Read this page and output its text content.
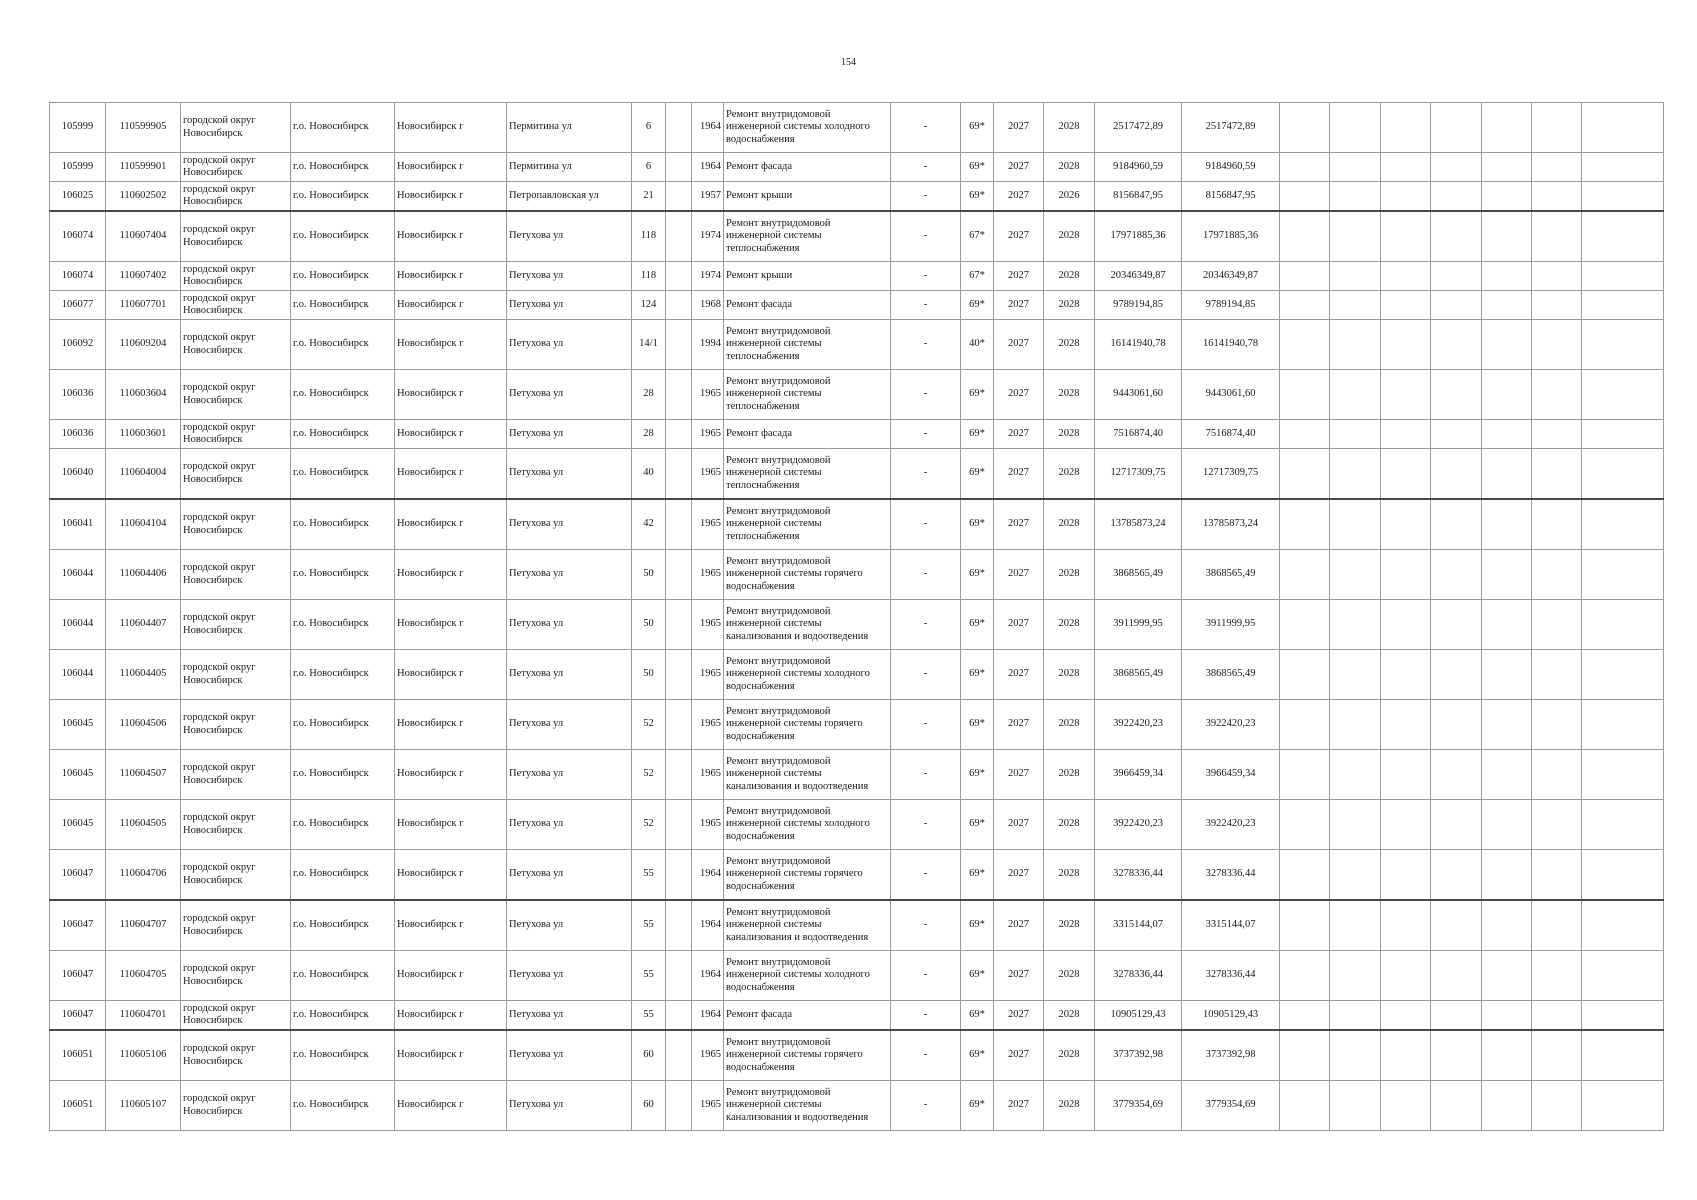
154
105999	110599905	городской округ Новосибирск	г.о. Новосибирск	Новосибирск г	Пермитина ул	6		1964	Ремонт внутридомовой инженерной системы холодного водоснабжения	-	69*	2027	2028	2517472,89	2517472,89							
105999	110599901	городской округ Новосибирск	г.о. Новосибирск	Новосибирск г	Пермитина ул	6		1964	Ремонт фасада	-	69*	2027	2028	9184960,59	9184960,59							
106025	110602502	городской округ Новосибирск	г.о. Новосибирск	Новосибирск г	Петропавловская ул	21		1957	Ремонт крыши	-	69*	2027	2026	8156847,95	8156847,95							
106074	110607404	городской округ Новосибирск	г.о. Новосибирск	Новосибирск г	Петухова ул	118		1974	Ремонт внутридомовой инженерной системы теплоснабжения	-	67*	2027	2028	17971885,36	17971885,36							
106074	110607402	городской округ Новосибирск	г.о. Новосибирск	Новосибирск г	Петухова ул	118		1974	Ремонт крыши	-	67*	2027	2028	20346349,87	20346349,87							
106077	110607701	городской округ Новосибирск	г.о. Новосибирск	Новосибирск г	Петухова ул	124		1968	Ремонт фасада	-	69*	2027	2028	9789194,85	9789194,85							
106092	110609204	городской округ Новосибирск	г.о. Новосибирск	Новосибирск г	Петухова ул	14/1		1994	Ремонт внутридомовой инженерной системы теплоснабжения	-	40*	2027	2028	16141940,78	16141940,78							
106036	110603604	городской округ Новосибирск	г.о. Новосибирск	Новосибирск г	Петухова ул	28		1965	Ремонт внутридомовой инженерной системы теплоснабжения	-	69*	2027	2028	9443061,60	9443061,60							
106036	110603601	городской округ Новосибирск	г.о. Новосибирск	Новосибирск г	Петухова ул	28		1965	Ремонт фасада	-	69*	2027	2028	7516874,40	7516874,40							
106040	110604004	городской округ Новосибирск	г.о. Новосибирск	Новосибирск г	Петухова ул	40		1965	Ремонт внутридомовой инженерной системы теплоснабжения	-	69*	2027	2028	12717309,75	12717309,75							
106041	110604104	городской округ Новосибирск	г.о. Новосибирск	Новосибирск г	Петухова ул	42		1965	Ремонт внутридомовой инженерной системы теплоснабжения	-	69*	2027	2028	13785873,24	13785873,24							
106044	110604406	городской округ Новосибирск	г.о. Новосибирск	Новосибирск г	Петухова ул	50		1965	Ремонт внутридомовой инженерной системы горячего водоснабжения	-	69*	2027	2028	3868565,49	3868565,49							
106044	110604407	городской округ Новосибирск	г.о. Новосибирск	Новосибирск г	Петухова ул	50		1965	Ремонт внутридомовой инженерной системы канализования и водоотведения	-	69*	2027	2028	3911999,95	3911999,95							
106044	110604405	городской округ Новосибирск	г.о. Новосибирск	Новосибирск г	Петухова ул	50		1965	Ремонт внутридомовой инженерной системы холодного водоснабжения	-	69*	2027	2028	3868565,49	3868565,49							
106045	110604506	городской округ Новосибирск	г.о. Новосибирск	Новосибирск г	Петухова ул	52		1965	Ремонт внутридомовой инженерной системы горячего водоснабжения	-	69*	2027	2028	3922420,23	3922420,23							
106045	110604507	городской округ Новосибирск	г.о. Новосибирск	Новосибирск г	Петухова ул	52		1965	Ремонт внутридомовой инженерной системы канализования и водоотведения	-	69*	2027	2028	3966459,34	3966459,34							
106045	110604505	городской округ Новосибирск	г.о. Новосибирск	Новосибирск г	Петухова ул	52		1965	Ремонт внутридомовой инженерной системы холодного водоснабжения	-	69*	2027	2028	3922420,23	3922420,23							
106047	110604706	городской округ Новосибирск	г.о. Новосибирск	Новосибирск г	Петухова ул	55		1964	Ремонт внутридомовой инженерной системы горячего водоснабжения	-	69*	2027	2028	3278336,44	3278336,44							
106047	110604707	городской округ Новосибирск	г.о. Новосибирск	Новосибирск г	Петухова ул	55		1964	Ремонт внутридомовой инженерной системы канализования и водоотведения	-	69*	2027	2028	3315144,07	3315144,07							
106047	110604705	городской округ Новосибирск	г.о. Новосибирск	Новосибирск г	Петухова ул	55		1964	Ремонт внутридомовой инженерной системы холодного водоснабжения	-	69*	2027	2028	3278336,44	3278336,44							
106047	110604701	городской округ Новосибирск	г.о. Новосибирск	Новосибирск г	Петухова ул	55		1964	Ремонт фасада	-	69*	2027	2028	10905129,43	10905129,43							
106051	110605106	городской округ Новосибирск	г.о. Новосибирск	Новосибирск г	Петухова ул	60		1965	Ремонт внутридомовой инженерной системы горячего водоснабжения	-	69*	2027	2028	3737392,98	3737392,98							
106051	110605107	городской округ Новосибирск	г.о. Новосибирск	Новосибирск г	Петухова ул	60		1965	Ремонт внутридомовой инженерной системы канализования и водоотведения	-	69*	2027	2028	3779354,69	3779354,69							
